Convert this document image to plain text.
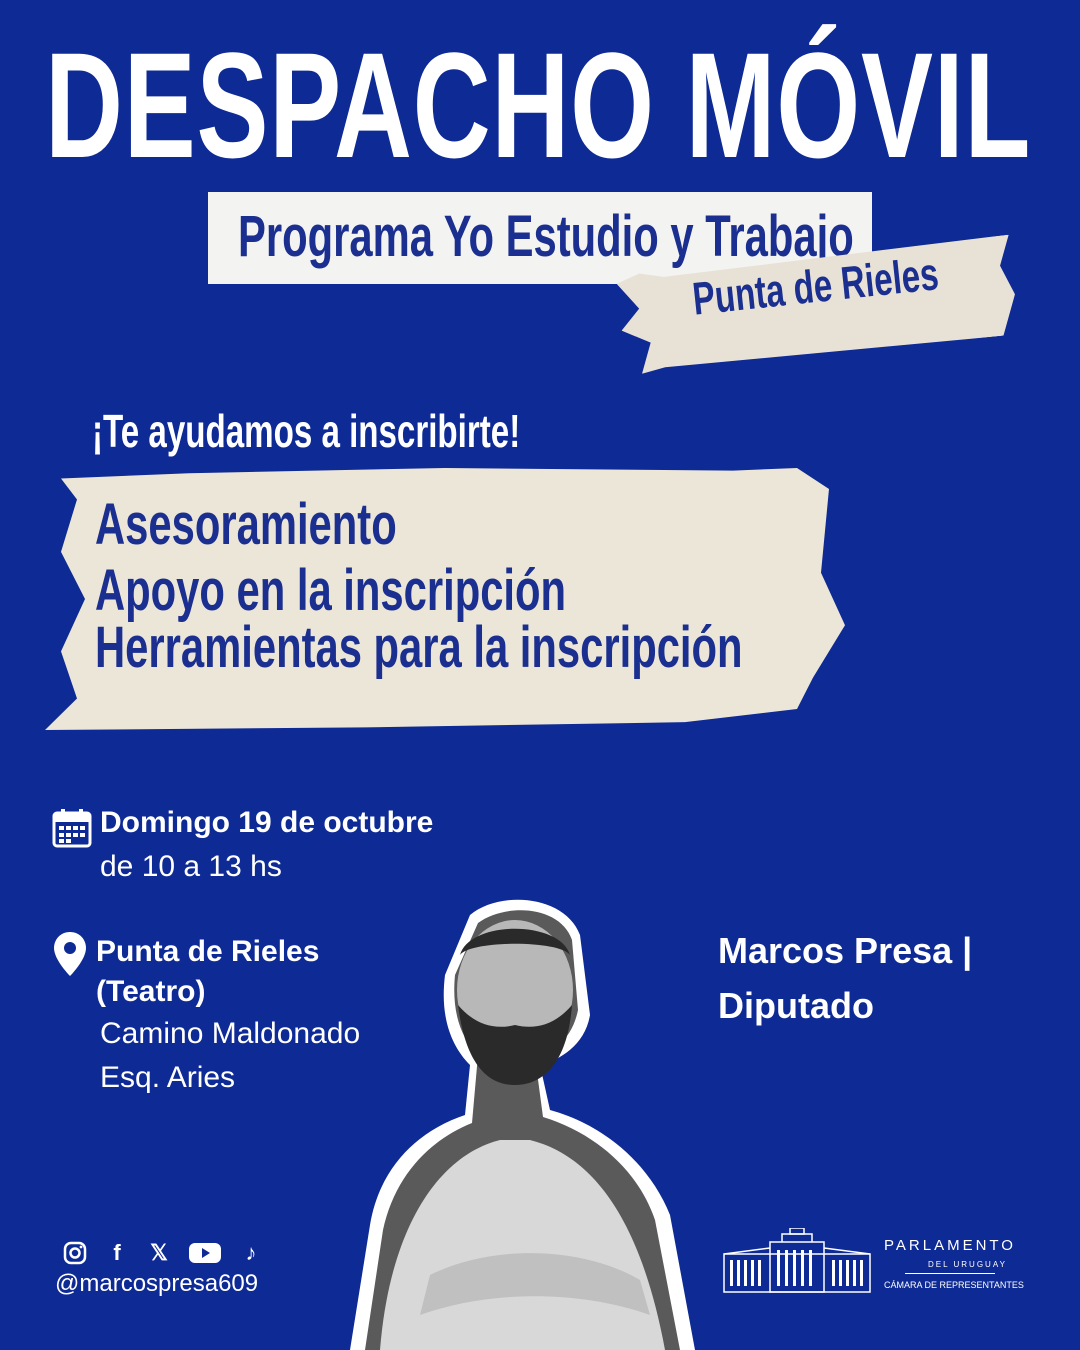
DESPACHO MÓVIL
Programa Yo Estudio y Trabajo
Punta de Rieles
¡Te ayudamos a inscribirte!
Asesoramiento
Apoyo en la inscripción
Herramientas para la inscripción
Domingo 19 de octubre
de 10 a 13 hs
Punta de Rieles
(Teatro)
Camino Maldonado
Esq. Aries
Marcos Presa |
Diputado
f	𝕏	♪
@marcospresa609
PARLAMENTO
DEL URUGUAY
CÁMARA DE REPRESENTANTES
